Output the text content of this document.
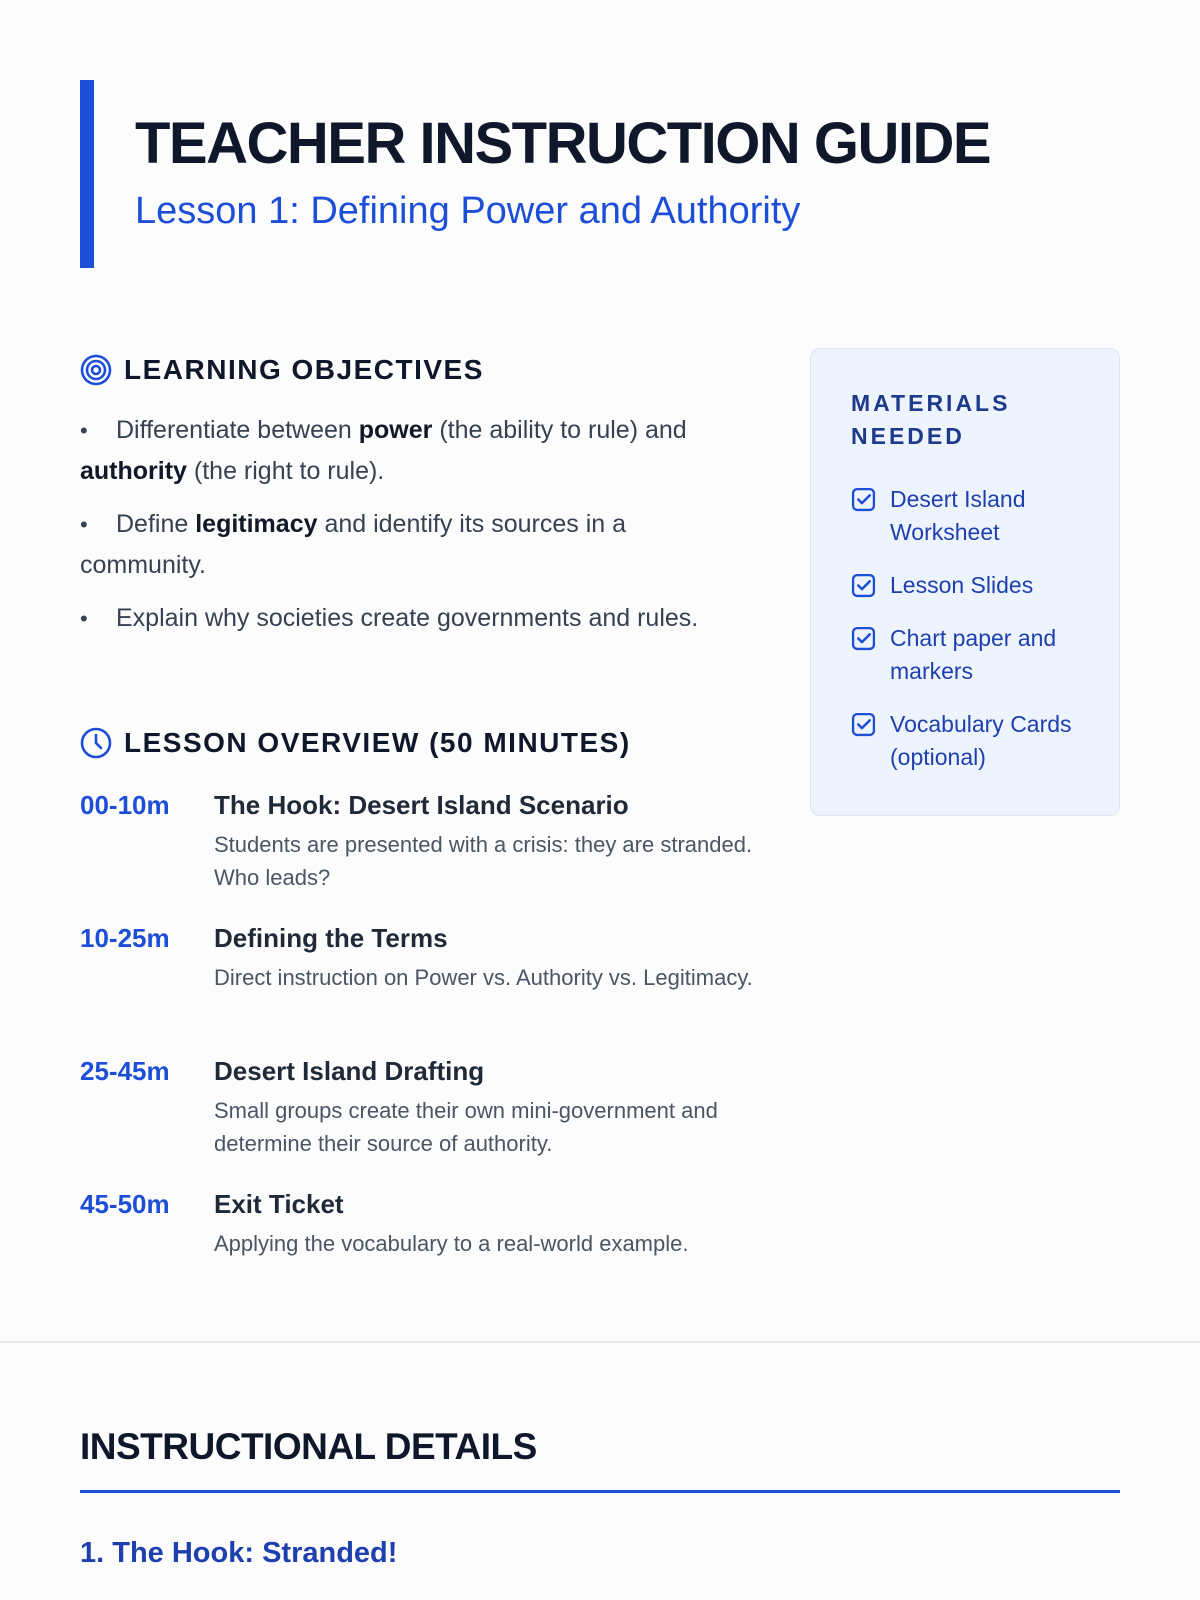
TEACHER INSTRUCTION GUIDE
Lesson 1: Defining Power and Authority
LEARNING OBJECTIVES
• Differentiate between power (the ability to rule) and authority (the right to rule).
• Define legitimacy and identify its sources in a community.
• Explain why societies create governments and rules.
LESSON OVERVIEW (50 MINUTES)
00-10m The Hook: Desert Island Scenario
Students are presented with a crisis: they are stranded. Who leads?
10-25m Defining the Terms
Direct instruction on Power vs. Authority vs. Legitimacy.
25-45m Desert Island Drafting
Small groups create their own mini-government and determine their source of authority.
45-50m Exit Ticket
Applying the vocabulary to a real-world example.
MATERIALS NEEDED
Desert Island Worksheet
Lesson Slides
Chart paper and markers
Vocabulary Cards (optional)
INSTRUCTIONAL DETAILS
1. The Hook: Stranded!
